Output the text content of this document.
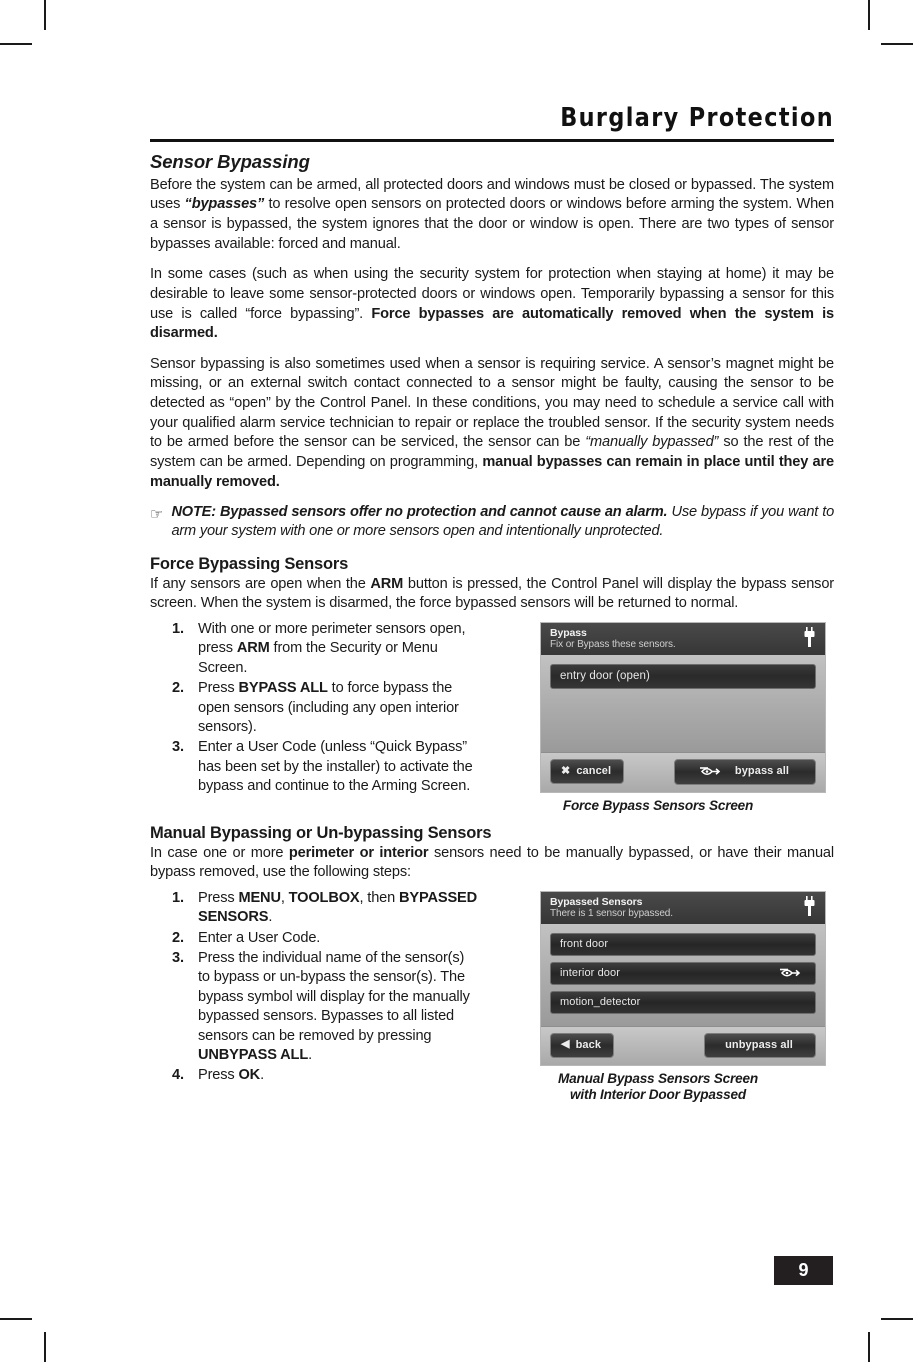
Burglary Protection
Sensor Bypassing

Before the system can be armed, all protected doors and windows must be closed or bypassed. The system uses “bypasses” to resolve open sensors on protected doors or windows before arming the system. When a sensor is bypassed, the system ignores that the door or window is open. There are two types of sensor bypasses available: forced and manual.

In some cases (such as when using the security system for protection when staying at home) it may be desirable to leave some sensor-protected doors or windows open. Temporarily bypassing a sensor for this use is called “force bypassing”. Force bypasses are automatically removed when the system is disarmed.

Sensor bypassing is also sometimes used when a sensor is requiring service. A sensor’s magnet might be missing, or an external switch contact connected to a sensor might be faulty, causing the sensor to be detected as “open” by the Control Panel. In these conditions, you may need to schedule a service call with your qualified alarm service technician to repair or replace the troubled sensor. If the security system needs to be armed before the sensor can be serviced, the sensor can be “manually bypassed” so the rest of the system can be armed. Depending on programming, manual bypasses can remain in place until they are manually removed.

☞ NOTE: Bypassed sensors offer no protection and cannot cause an alarm. Use bypass if you want to arm your system with one or more sensors open and intentionally unprotected.
Force Bypassing Sensors

If any sensors are open when the ARM button is pressed, the Control Panel will display the bypass sensor screen. When the system is disarmed, the force bypassed sensors will be returned to normal.

1. With one or more perimeter sensors open, press ARM from the Security or Menu Screen.
2. Press BYPASS ALL to force bypass the open sensors (including any open interior sensors).
3. Enter a User Code (unless “Quick Bypass” has been set by the installer) to activate the bypass and continue to the Arming Screen.
Bypass
Fix or Bypass these sensors.
entry door (open)
✖ cancel	bypass all
Force Bypass Sensors Screen
Manual Bypassing or Un-bypassing Sensors

In case one or more perimeter or interior sensors need to be manually bypassed, or have their manual bypass removed, use the following steps:

1. Press MENU, TOOLBOX, then BYPASSED SENSORS.
2. Enter a User Code.
3. Press the individual name of the sensor(s) to bypass or un-bypass the sensor(s). The bypass symbol will display for the manually bypassed sensors. Bypasses to all listed sensors can be removed by pressing UNBYPASS ALL.
4. Press OK.
Bypassed Sensors
There is 1 sensor bypassed.
front door
interior door
motion_detector
◀ back	unbypass all
Manual Bypass Sensors Screen
with Interior Door Bypassed
9
